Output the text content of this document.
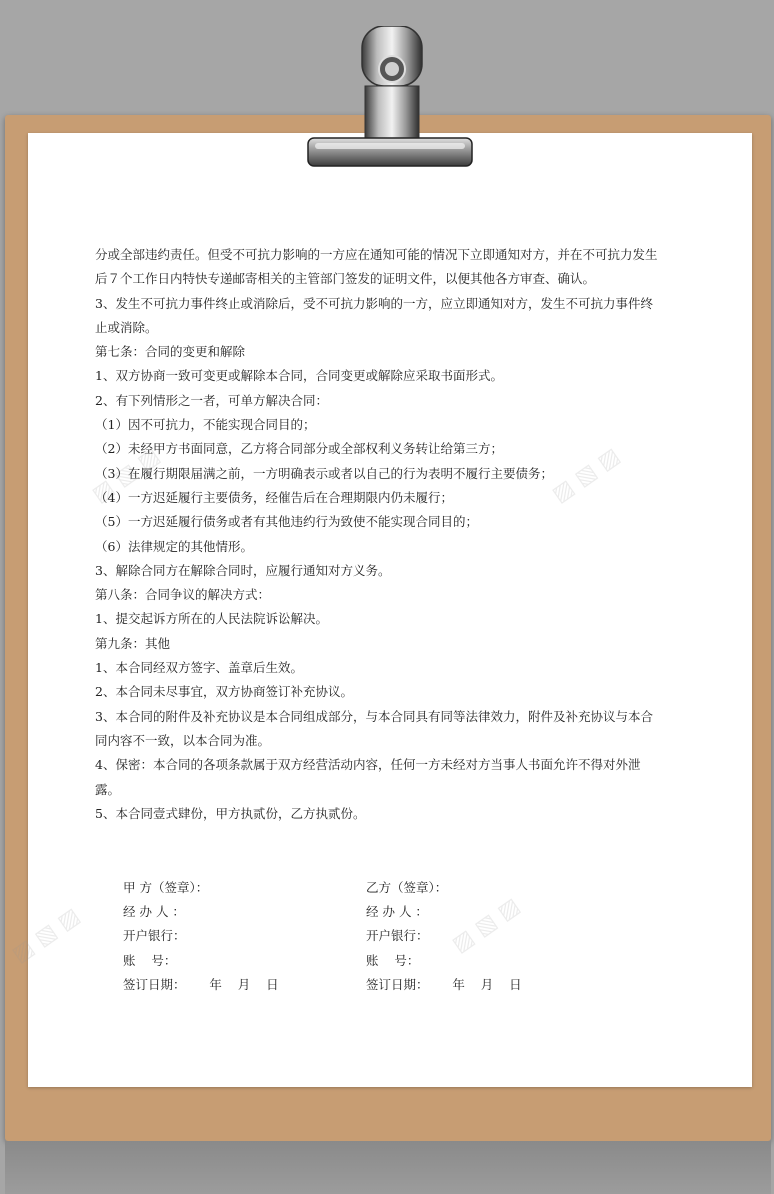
▨ ▧ ▨	▨ ▧ ▨
▨ ▧ ▨	▨ ▧ ▨

分或全部违约责任。但受不可抗力影响的一方应在通知可能的情况下立即通知对方，并在不可抗力发生后７个工作日内特快专递邮寄相关的主管部门签发的证明文件，以便其他各方审查、确认。

3、发生不可抗力事件终止或消除后，受不可抗力影响的一方，应立即通知对方，发生不可抗力事件终止或消除。

第七条：合同的变更和解除

1、双方协商一致可变更或解除本合同，合同变更或解除应采取书面形式。

2、有下列情形之一者，可单方解决合同：

（1）因不可抗力，不能实现合同目的；

（2）未经甲方书面同意，乙方将合同部分或全部权利义务转让给第三方；

（3）在履行期限届满之前，一方明确表示或者以自己的行为表明不履行主要债务；

（4）一方迟延履行主要债务，经催告后在合理期限内仍未履行；

（5）一方迟延履行债务或者有其他违约行为致使不能实现合同目的；

（6）法律规定的其他情形。

3、解除合同方在解除合同时，应履行通知对方义务。

第八条：合同争议的解决方式：

1、提交起诉方所在的人民法院诉讼解决。

第九条：其他

1、本合同经双方签字、盖章后生效。

2、本合同未尽事宜，双方协商签订补充协议。

3、本合同的附件及补充协议是本合同组成部分，与本合同具有同等法律效力，附件及补充协议与本合同内容不一致，以本合同为准。

4、保密：本合同的各项条款属于双方经营活动内容，任何一方未经对方当事人书面允许不得对外泄露。

5、本合同壹式肆份，甲方执贰份，乙方执贰份。

甲 方（签章）：	乙方（签章）：
经 办 人 ：	经 办 人 ：
开户银行：	开户银行：
账    号：	账    号：
签订日期：      年    月    日	签订日期：      年    月    日
